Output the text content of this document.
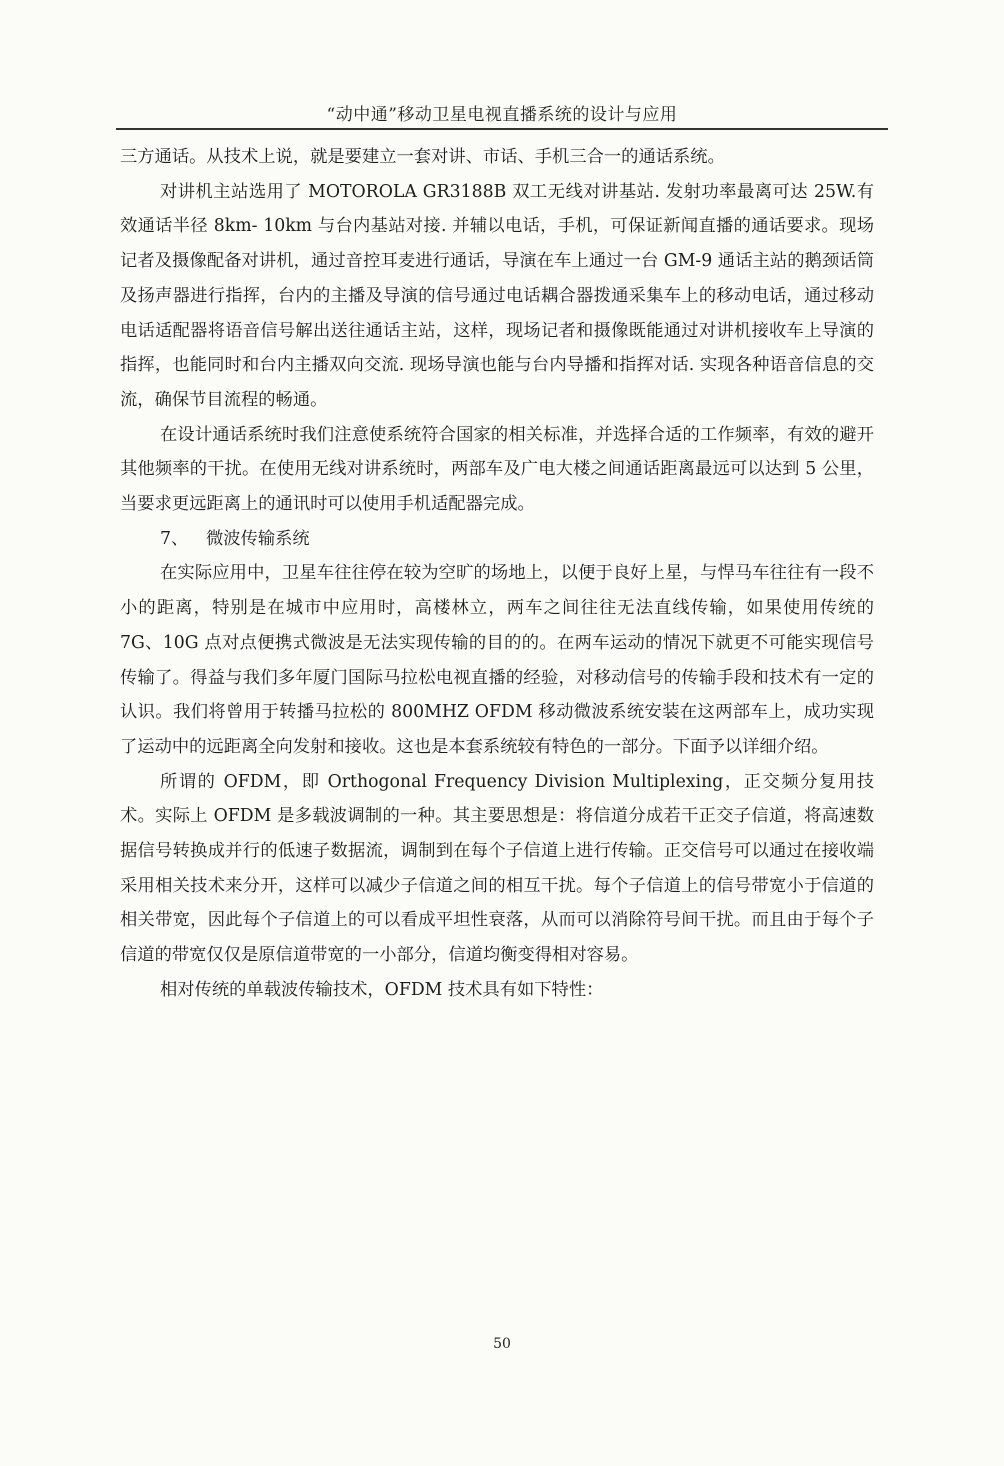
“动中通”移动卫星电视直播系统的设计与应用

三方通话。从技术上说，就是要建立一套对讲、市话、手机三合一的通话系统。

对讲机主站选用了 MOTOROLA GR3188B 双工无线对讲基站. 发射功率最离可达 25W.有效通话半径 8km- 10km 与台内基站对接. 并辅以电话，手机，可保证新闻直播的通话要求。现场记者及摄像配备对讲机，通过音控耳麦进行通话，导演在车上通过一台 GM-9 通话主站的鹅颈话筒及扬声器进行指挥，台内的主播及导演的信号通过电话耦合器拨通采集车上的移动电话，通过移动电话适配器将语音信号解出送往通话主站，这样，现场记者和摄像既能通过对讲机接收车上导演的指挥，也能同时和台内主播双向交流. 现场导演也能与台内导播和指挥对话. 实现各种语音信息的交流，确保节目流程的畅通。

在设计通话系统时我们注意使系统符合国家的相关标准，并选择合适的工作频率，有效的避开其他频率的干扰。在使用无线对讲系统时，两部车及广电大楼之间通话距离最远可以达到 5 公里，当要求更远距离上的通讯时可以使用手机适配器完成。

7、 微波传输系统

在实际应用中，卫星车往往停在较为空旷的场地上，以便于良好上星，与悍马车往往有一段不小的距离，特别是在城市中应用时，高楼林立，两车之间往往无法直线传输，如果使用传统的 7G、10G 点对点便携式微波是无法实现传输的目的的。在两车运动的情况下就更不可能实现信号传输了。得益与我们多年厦门国际马拉松电视直播的经验，对移动信号的传输手段和技术有一定的认识。我们将曾用于转播马拉松的 800MHZ OFDM 移动微波系统安装在这两部车上，成功实现了运动中的远距离全向发射和接收。这也是本套系统较有特色的一部分。下面予以详细介绍。

所谓的 OFDM，即 Orthogonal Frequency Division Multiplexing，正交频分复用技术。实际上 OFDM 是多载波调制的一种。其主要思想是：将信道分成若干正交子信道，将高速数据信号转换成并行的低速子数据流，调制到在每个子信道上进行传输。正交信号可以通过在接收端采用相关技术来分开，这样可以减少子信道之间的相互干扰。每个子信道上的信号带宽小于信道的相关带宽，因此每个子信道上的可以看成平坦性衰落，从而可以消除符号间干扰。而且由于每个子信道的带宽仅仅是原信道带宽的一小部分，信道均衡变得相对容易。

相对传统的单载波传输技术，OFDM 技术具有如下特性：

50
